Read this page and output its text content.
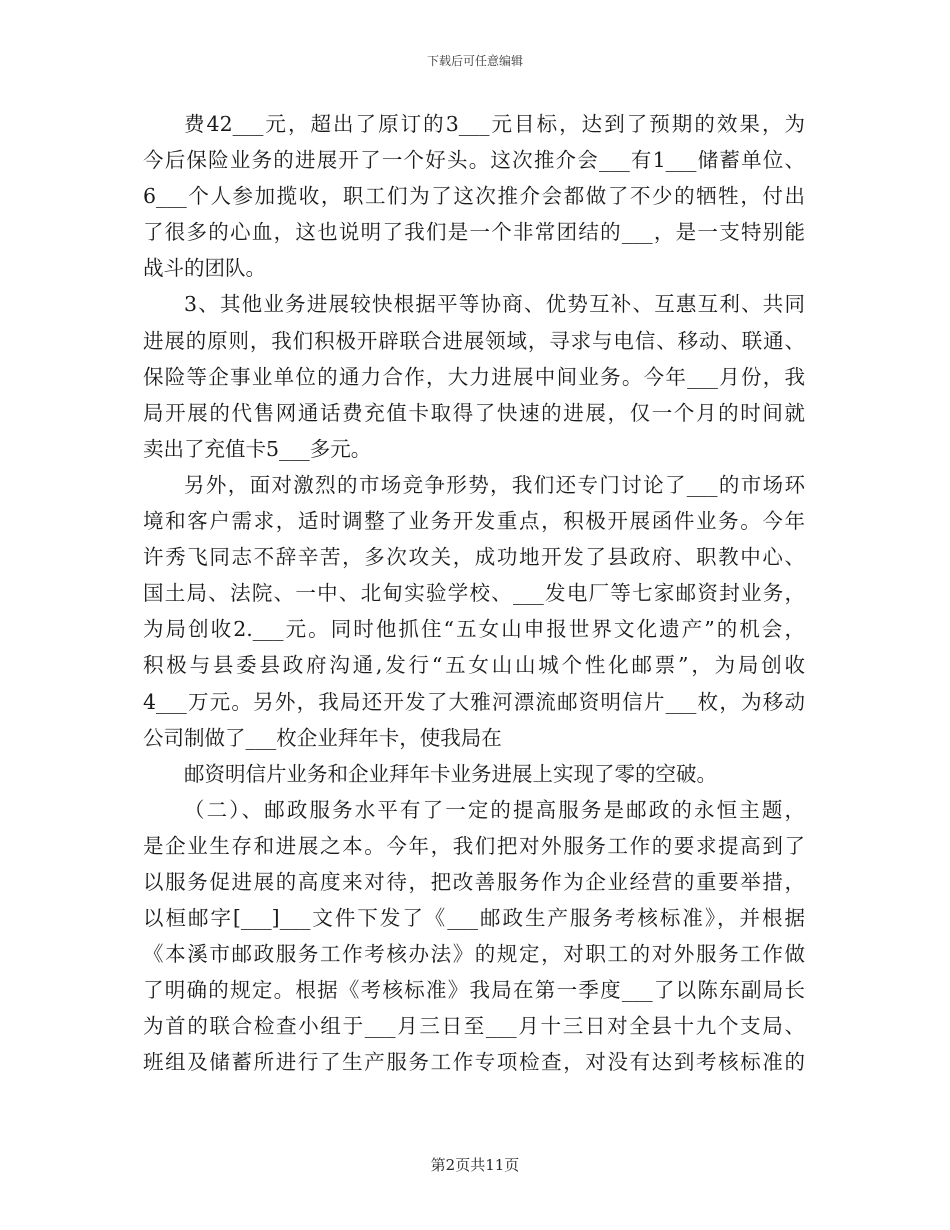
下载后可任意编辑
费42___元，超出了原订的3___元目标，达到了预期的效果，为
今后保险业务的进展开了一个好头。这次推介会___有1___储蓄单位、
6___个人参加揽收，职工们为了这次推介会都做了不少的牺牲，付出
了很多的心血，这也说明了我们是一个非常团结的___，是一支特别能
战斗的团队。
3、其他业务进展较快根据平等协商、优势互补、互惠互利、共同
进展的原则，我们积极开辟联合进展领域，寻求与电信、移动、联通、
保险等企事业单位的通力合作，大力进展中间业务。今年___月份，我
局开展的代售网通话费充值卡取得了快速的进展，仅一个月的时间就
卖出了充值卡5___多元。
另外，面对激烈的市场竞争形势，我们还专门讨论了___的市场环
境和客户需求，适时调整了业务开发重点，积极开展函件业务。今年
许秀飞同志不辞辛苦，多次攻关，成功地开发了县政府、职教中心、
国土局、法院、一中、北甸实验学校、___发电厂等七家邮资封业务，
为局创收2.___元。同时他抓住“五女山申报世界文化遗产”的机会，
积极与县委县政府沟通,发行“五女山山城个性化邮票”，为局创收
4___万元。另外，我局还开发了大雅河漂流邮资明信片___枚，为移动
公司制做了___枚企业拜年卡，使我局在
邮资明信片业务和企业拜年卡业务进展上实现了零的空破。
（二）、邮政服务水平有了一定的提高服务是邮政的永恒主题，
是企业生存和进展之本。今年，我们把对外服务工作的要求提高到了
以服务促进展的高度来对待，把改善服务作为企业经营的重要举措，
以桓邮字[___]___文件下发了《___邮政生产服务考核标准》，并根据
《本溪市邮政服务工作考核办法》的规定，对职工的对外服务工作做
了明确的规定。根据《考核标准》我局在第一季度___了以陈东副局长
为首的联合检查小组于___月三日至___月十三日对全县十九个支局、
班组及储蓄所进行了生产服务工作专项检查，对没有达到考核标准的
第2页共11页
